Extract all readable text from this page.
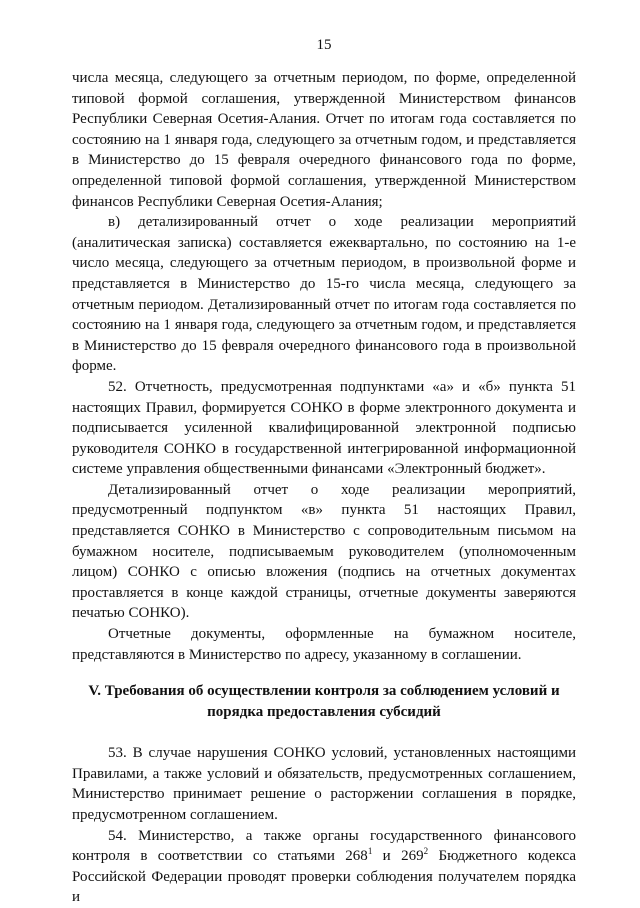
15

числа месяца, следующего за отчетным периодом, по форме, определенной типовой формой соглашения, утвержденной Министерством финансов Республики Северная Осетия-Алания. Отчет по итогам года составляется по состоянию на 1 января года, следующего за отчетным годом, и представляется в Министерство до 15 февраля очередного финансового года по форме, определенной типовой формой соглашения, утвержденной Министерством финансов Республики Северная Осетия-Алания;

в) детализированный отчет о ходе реализации мероприятий (аналитическая записка) составляется ежеквартально, по состоянию на 1-е число месяца, следующего за отчетным периодом, в произвольной форме и представляется в Министерство до 15-го числа месяца, следующего за отчетным периодом. Детализированный отчет по итогам года составляется по состоянию на 1 января года, следующего за отчетным годом, и представляется в Министерство до 15 февраля очередного финансового года в произвольной форме.

52. Отчетность, предусмотренная подпунктами «а» и «б» пункта 51 настоящих Правил, формируется СОНКО в форме электронного документа и подписывается усиленной квалифицированной электронной подписью руководителя СОНКО в государственной интегрированной информационной системе управления общественными финансами «Электронный бюджет».

Детализированный отчет о ходе реализации мероприятий, предусмотренный подпунктом «в» пункта 51 настоящих Правил, представляется СОНКО в Министерство с сопроводительным письмом на бумажном носителе, подписываемым руководителем (уполномоченным лицом) СОНКО с описью вложения (подпись на отчетных документах проставляется в конце каждой страницы, отчетные документы заверяются печатью СОНКО).

Отчетные документы, оформленные на бумажном носителе, представляются в Министерство по адресу, указанному в соглашении.

V. Требования об осуществлении контроля за соблюдением условий и порядка предоставления субсидий

53. В случае нарушения СОНКО условий, установленных настоящими Правилами, а также условий и обязательств, предусмотренных соглашением, Министерство принимает решение о расторжении соглашения в порядке, предусмотренном соглашением.

54. Министерство, а также органы государственного финансового контроля в соответствии со статьями $268^1$ и $269^2$ Бюджетного кодекса Российской Федерации проводят проверки соблюдения получателем порядка и
